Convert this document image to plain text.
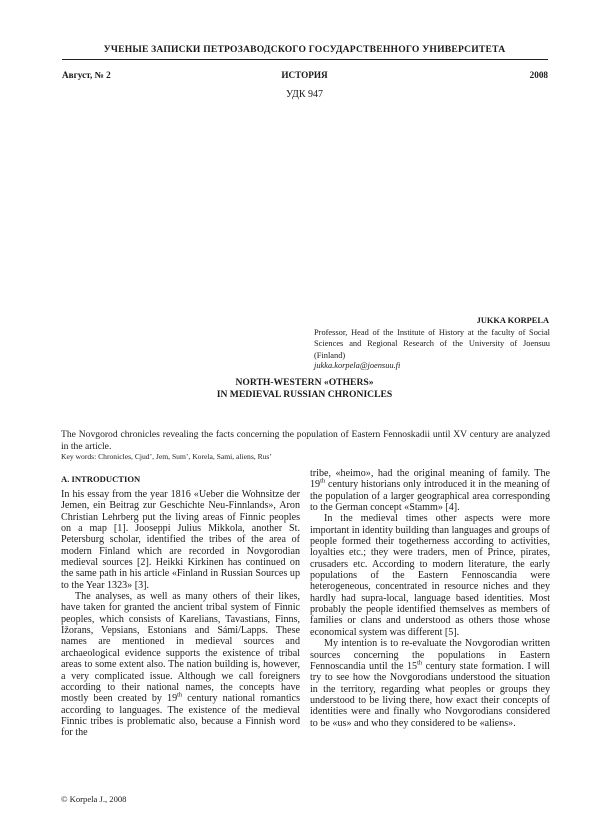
УЧЕНЫЕ ЗАПИСКИ ПЕТРОЗАВОДСКОГО ГОСУДАРСТВЕННОГО УНИВЕРСИТЕТА
Август, № 2	ИСТОРИЯ	2008
УДК 947
JUKKA KORPELA
Professor, Head of the Institute of History at the faculty of Social Sciences and Regional Research of the University of Joensuu (Finland)
jukka.korpela@joensuu.fi
NORTH-WESTERN «OTHERS»
IN MEDIEVAL RUSSIAN CHRONICLES
The Novgorod chronicles revealing the facts concerning the population of Eastern Fennoskadii until XV century are analyzed in the article.
Key words: Chronicles, Cjud’, Jem, Sum’, Korela, Sami, aliens, Rus’
A. INTRODUCTION

In his essay from the year 1816 «Ueber die Wohnsitze der Jemen, ein Beitrag zur Geschichte Neu-Finnlands», Aron Christian Lehrberg put the living areas of Finnic peoples on a map [1]. Jooseppi Julius Mikkola, another St. Petersburg scholar, identified the tribes of the area of modern Finland which are recorded in Novgorodian medieval sources [2]. Heikki Kirkinen has continued on the same path in his article «Finland in Russian Sources up to the Year 1323» [3].

The analyses, as well as many others of their likes, have taken for granted the ancient tribal system of Finnic peoples, which consists of Karelians, Tavastians, Finns, Ižorans, Vepsians, Estonians and Sámi/Lapps. These names are mentioned in medieval sources and archaeological evidence supports the existence of tribal areas to some extent also. The nation building is, however, a very complicated issue. Although we call foreigners according to their national names, the concepts have mostly been created by 19th century national romantics according to languages. The existence of the medieval Finnic tribes is problematic also, because a Finnish word for the

tribe, «heimo», had the original meaning of family. The 19th century historians only introduced it in the meaning of the population of a larger geographical area corresponding to the German concept «Stamm» [4].

In the medieval times other aspects were more important in identity building than languages and groups of people formed their togetherness according to activities, loyalties etc.; they were traders, men of Prince, pirates, crusaders etc. According to modern literature, the early populations of the Eastern Fennoscandia were heterogeneous, concentrated in resource niches and they hardly had supra-local, language based identities. Most probably the people identified themselves as members of families or clans and understood as others those whose economical system was different [5].

My intention is to re-evaluate the Novgorodian written sources concerning the populations in Eastern Fennoscandia until the 15th century state formation. I will try to see how the Novgorodians understood the situation in the territory, regarding what peoples or groups they understood to be living there, how exact their concepts of identities were and finally who Novgorodians considered to be «us» and who they considered to be «aliens».

© Korpela J., 2008
